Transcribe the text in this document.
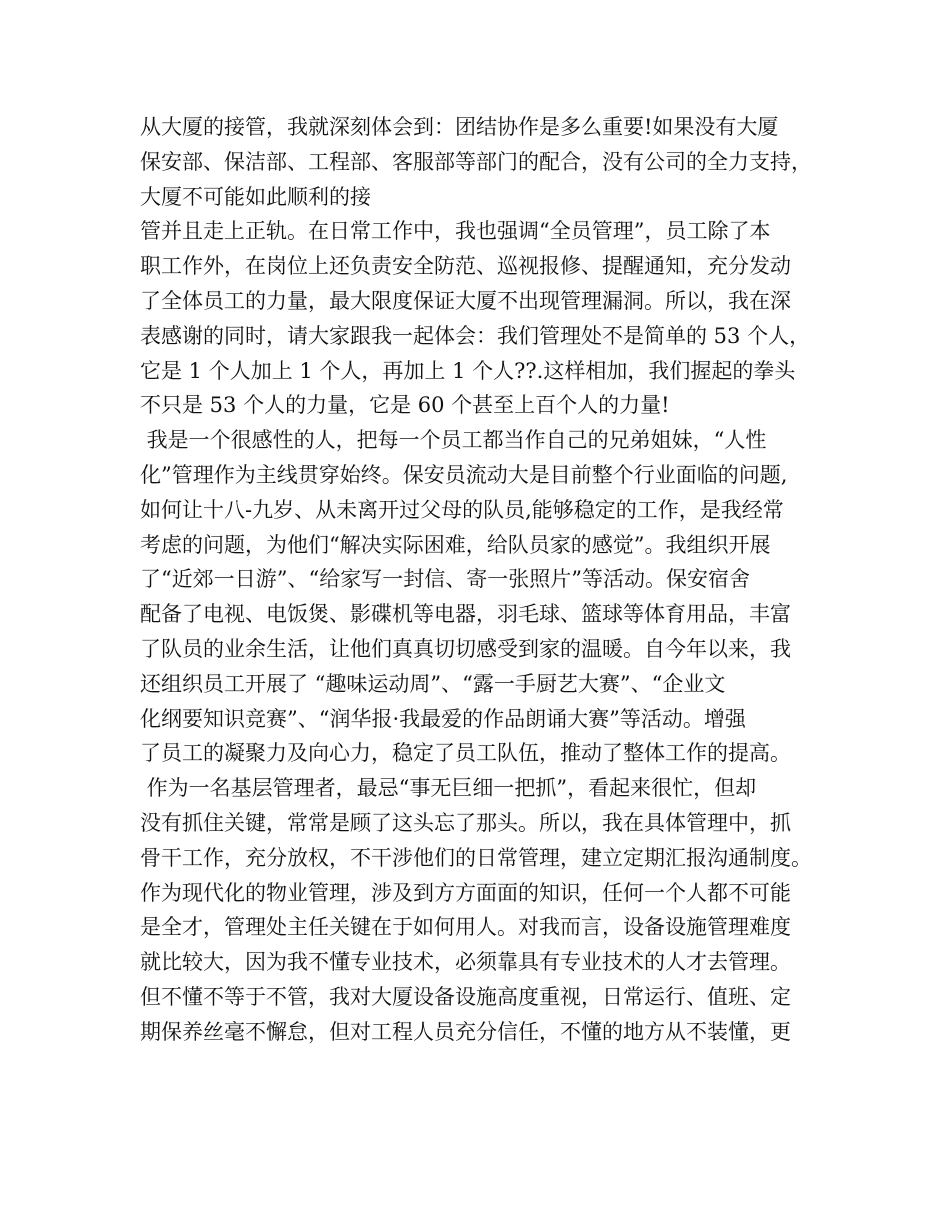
从大厦的接管，我就深刻体会到：团结协作是多么重要!如果没有大厦
保安部、保洁部、工程部、客服部等部门的配合，没有公司的全力支持，
大厦不可能如此顺利的接
管并且走上正轨。在日常工作中，我也强调“全员管理”，员工除了本
职工作外，在岗位上还负责安全防范、巡视报修、提醒通知，充分发动
了全体员工的力量，最大限度保证大厦不出现管理漏洞。所以，我在深
表感谢的同时，请大家跟我一起体会：我们管理处不是简单的 53 个人，
它是 1 个人加上 1 个人，再加上 1 个人??.这样相加，我们握起的拳头
不只是 53 个人的力量，它是 60 个甚至上百个人的力量!
我是一个很感性的人，把每一个员工都当作自己的兄弟姐妹，“人性
化”管理作为主线贯穿始终。保安员流动大是目前整个行业面临的问题,
如何让十八-九岁、从未离开过父母的队员,能够稳定的工作，是我经常
考虑的问题，为他们“解决实际困难，给队员家的感觉”。我组织开展
了“近郊一日游”、“给家写一封信、寄一张照片”等活动。保安宿舍
配备了电视、电饭煲、影碟机等电器，羽毛球、篮球等体育用品，丰富
了队员的业余生活，让他们真真切切感受到家的温暖。自今年以来，我
还组织员工开展了 “趣味运动周”、“露一手厨艺大赛”、“企业文
化纲要知识竞赛”、“润华报·我最爱的作品朗诵大赛”等活动。增强
了员工的凝聚力及向心力，稳定了员工队伍，推动了整体工作的提高。
作为一名基层管理者，最忌“事无巨细一把抓”，看起来很忙，但却
没有抓住关键，常常是顾了这头忘了那头。所以，我在具体管理中，抓
骨干工作，充分放权，不干涉他们的日常管理，建立定期汇报沟通制度。
作为现代化的物业管理，涉及到方方面面的知识，任何一个人都不可能
是全才，管理处主任关键在于如何用人。对我而言，设备设施管理难度
就比较大，因为我不懂专业技术，必须靠具有专业技术的人才去管理。
但不懂不等于不管，我对大厦设备设施高度重视，日常运行、值班、定
期保养丝毫不懈怠，但对工程人员充分信任，不懂的地方从不装懂，更
